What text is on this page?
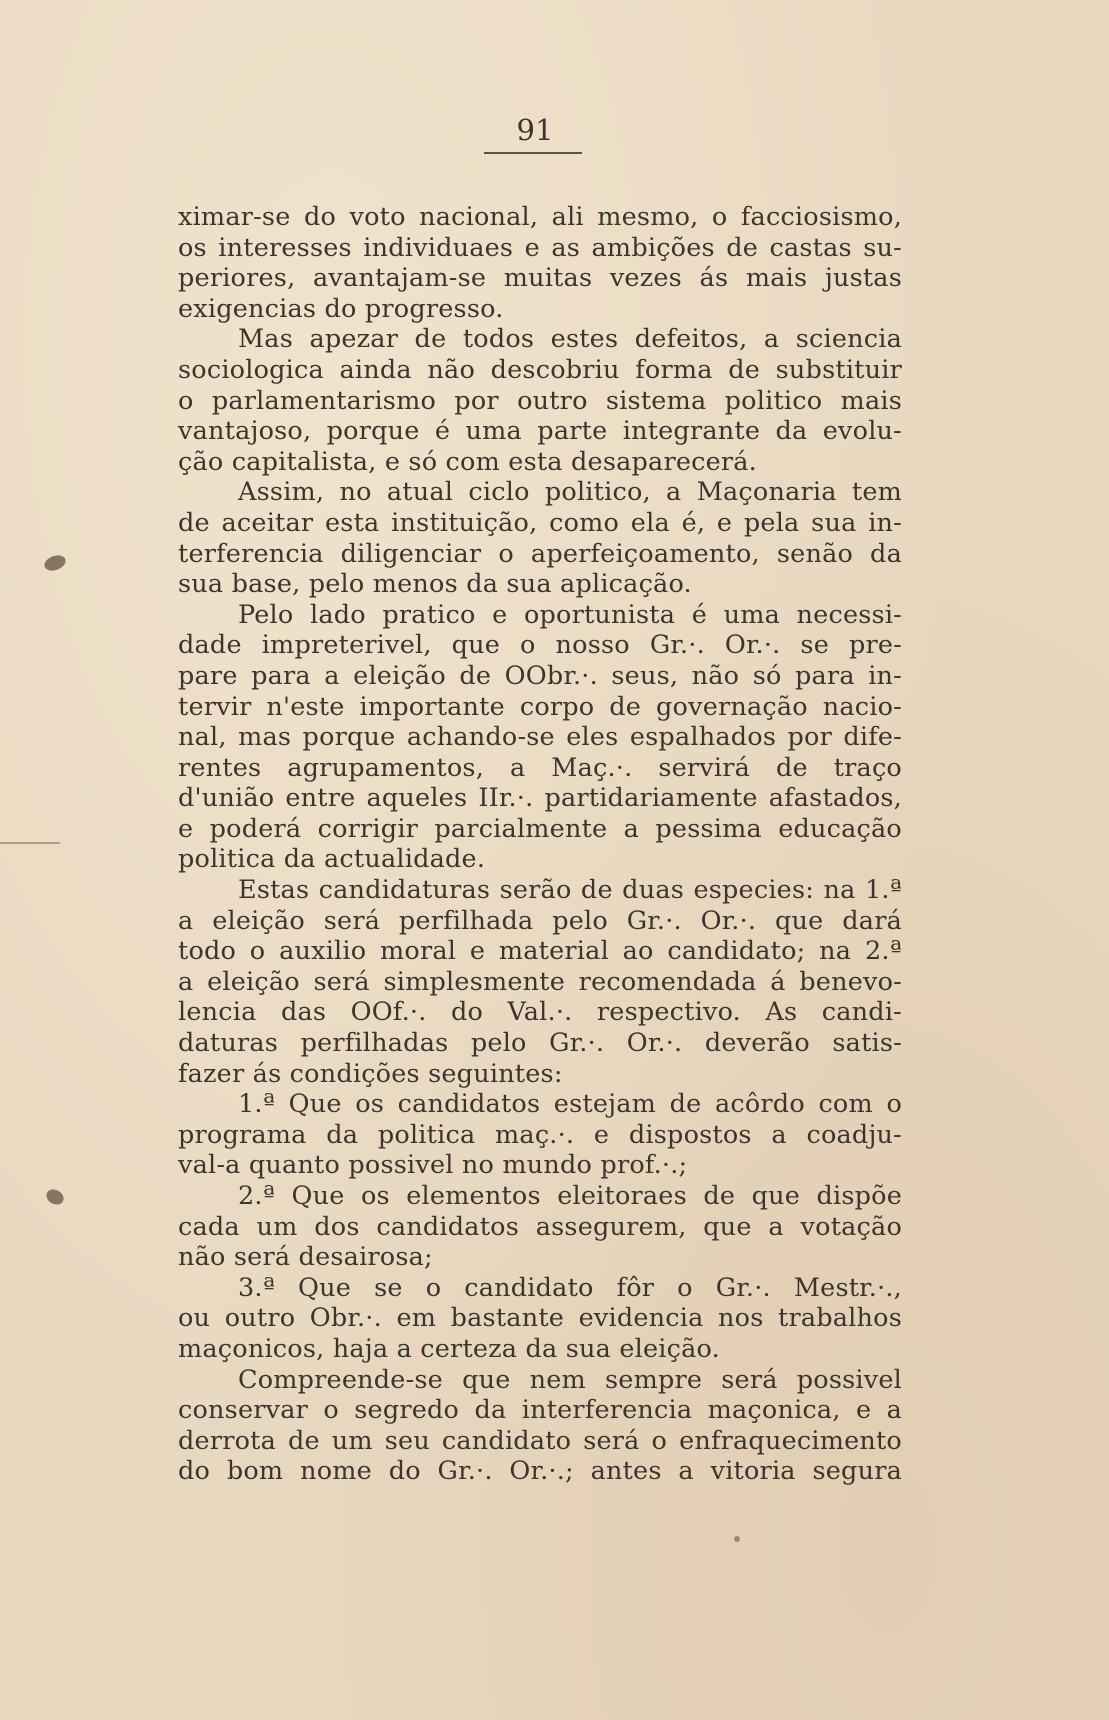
91
ximar-se do voto nacional, ali mesmo, o facciosismo,
os interesses individuaes e as ambições de castas su-
periores, avantajam-se muitas vezes ás mais justas
exigencias do progresso.
Mas apezar de todos estes defeitos, a sciencia
sociologica ainda não descobriu forma de substituir
o parlamentarismo por outro sistema politico mais
vantajoso, porque é uma parte integrante da evolu-
ção capitalista, e só com esta desaparecerá.
Assim, no atual ciclo politico, a Maçonaria tem
de aceitar esta instituição, como ela é, e pela sua in-
terferencia diligenciar o aperfeiçoamento, senão da
sua base, pelo menos da sua aplicação.
Pelo lado pratico e oportunista é uma necessi-
dade impreterivel, que o nosso Gr.·. Or.·. se pre-
pare para a eleição de OObr.·. seus, não só para in-
tervir n'este importante corpo de governação nacio-
nal, mas porque achando-se eles espalhados por dife-
rentes agrupamentos, a Maç.·. servirá de traço
d'união entre aqueles IIr.·. partidariamente afastados,
e poderá corrigir parcialmente a pessima educação
politica da actualidade.
Estas candidaturas serão de duas especies: na 1.ª
a eleição será perfilhada pelo Gr.·. Or.·. que dará
todo o auxilio moral e material ao candidato; na 2.ª
a eleição será simplesmente recomendada á benevo-
lencia das OOf.·. do Val.·. respectivo. As candi-
daturas perfilhadas pelo Gr.·. Or.·. deverão satis-
fazer ás condições seguintes:
1.ª Que os candidatos estejam de acôrdo com o
programa da politica maç.·. e dispostos a coadju-
val-a quanto possivel no mundo prof.·.;
2.ª Que os elementos eleitoraes de que dispõe
cada um dos candidatos assegurem, que a votação
não será desairosa;
3.ª Que se o candidato fôr o Gr.·. Mestr.·.,
ou outro Obr.·. em bastante evidencia nos trabalhos
maçonicos, haja a certeza da sua eleição.
Compreende-se que nem sempre será possivel
conservar o segredo da interferencia maçonica, e a
derrota de um seu candidato será o enfraquecimento
do bom nome do Gr.·. Or.·.; antes a vitoria segura
